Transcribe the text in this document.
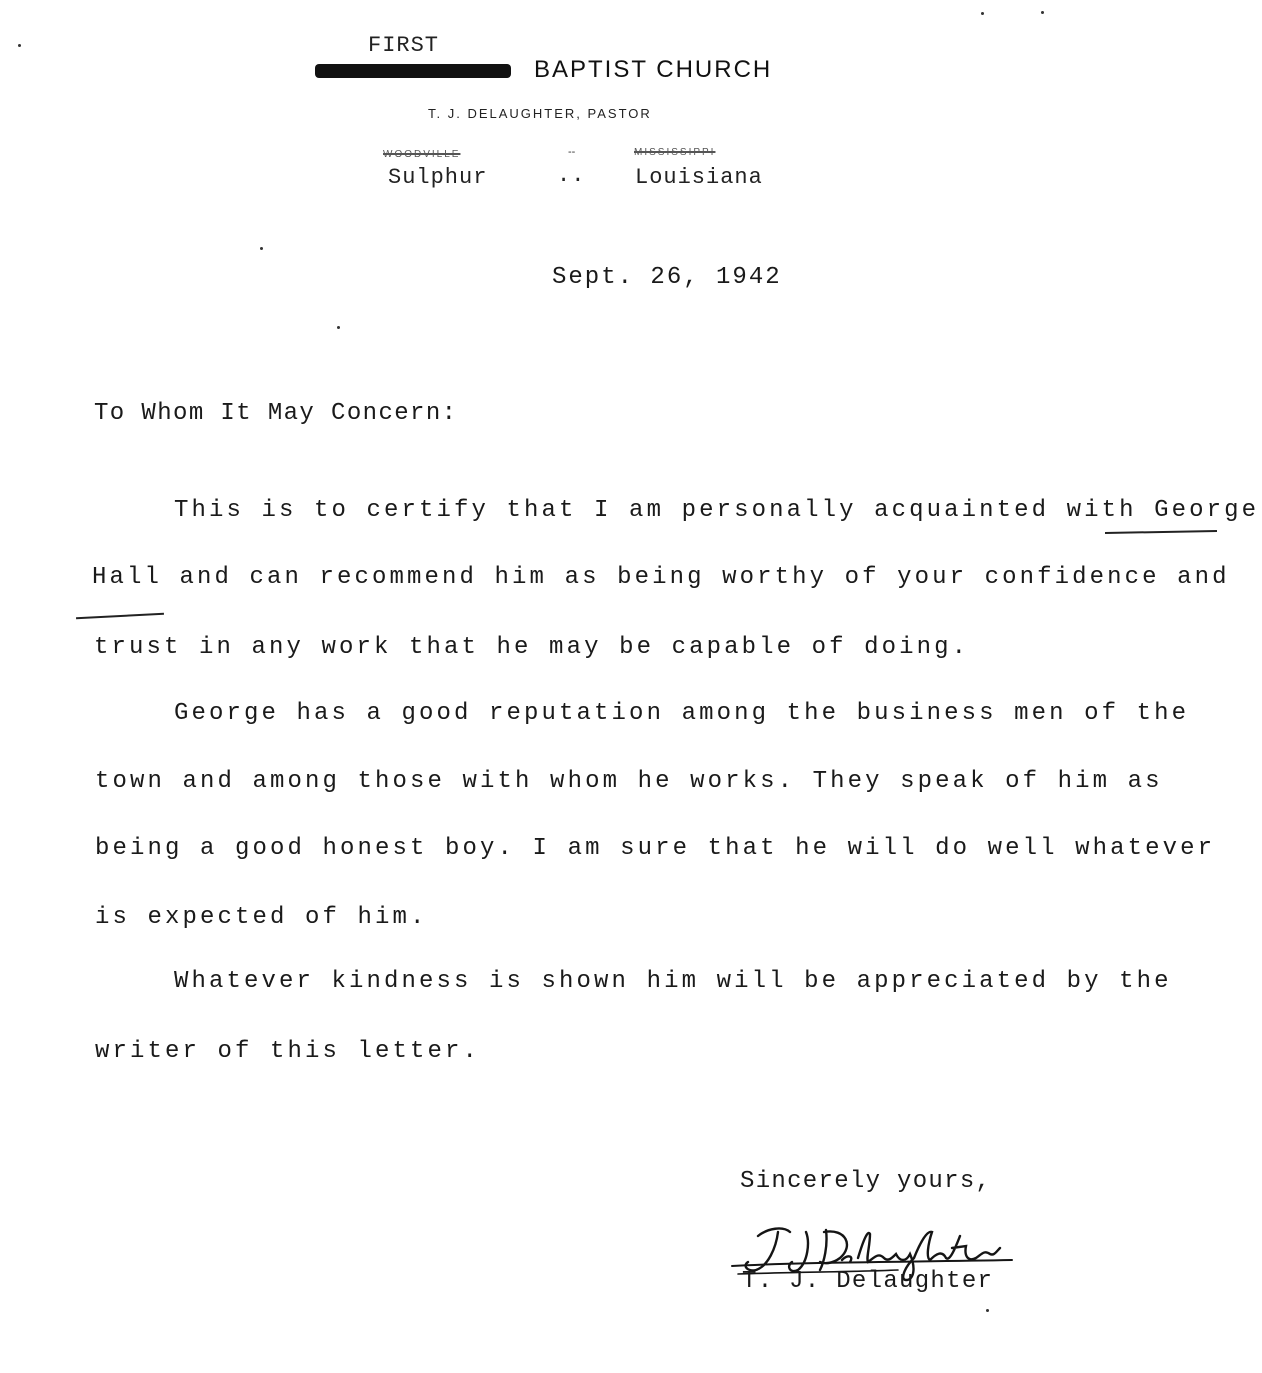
FIRST
BAPTIST CHURCH
T. J. DELAUGHTER, PASTOR
WOODVILLE	--	MISSISSIPPI
Sulphur	.. Louisiana
Sept. 26, 1942
To Whom It May Concern:
This is to certify that I am personally acquainted with George
Hall and can recommend him as being worthy of your confidence and
trust in any work that he may be capable of doing.
George has a good reputation among the business men of the
town and among those with whom he works. They speak of him as
being a good honest boy. I am sure that he will do well whatever
is expected of him.
Whatever kindness is shown him will be appreciated by the
writer of this letter.
Sincerely yours,
T. J. Delaughter
